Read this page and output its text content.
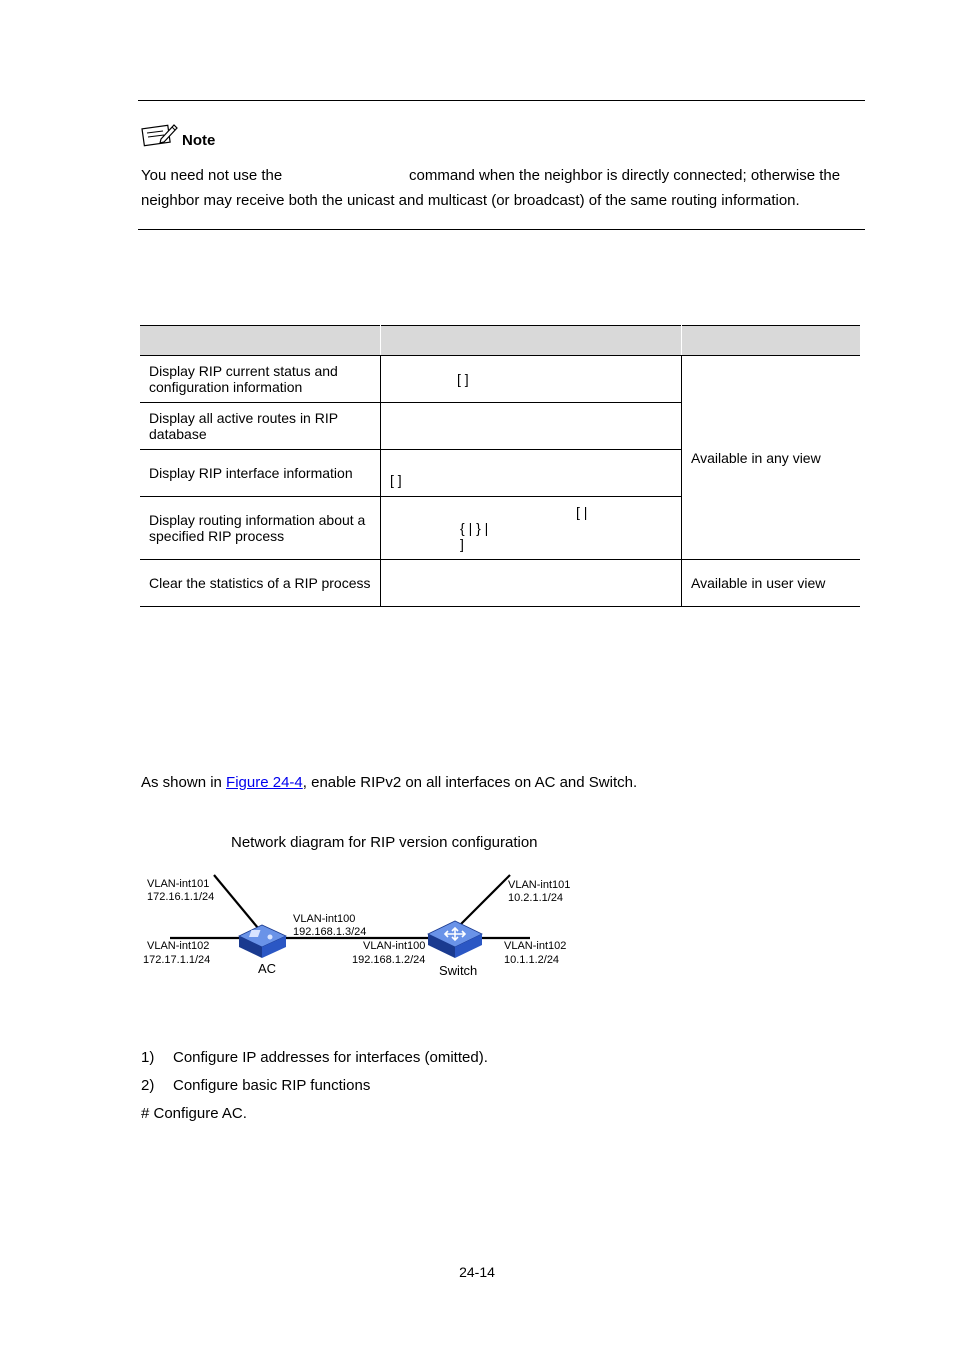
Note
You need not use the	command when the neighbor is directly connected; otherwise the
neighbor may receive both the unicast and multicast (or broadcast) of the same routing information.

Display RIP current status and configuration information	[ ]	Available in any view
Display all active routes in RIP database		
Display RIP interface information	[ ]	
Display routing information about a specified RIP process	[ |
{ | } |
]	

Clear the statistics of a RIP process		Available in user view
As shown in Figure 24-4, enable RIPv2 on all interfaces on AC and Switch.
Network diagram for RIP version configuration
VLAN-int101
172.16.1.1/24
VLAN-int102
172.17.1.1/24
VLAN-int100
192.168.1.3/24
AC
VLAN-int101
10.2.1.1/24
VLAN-int100
192.168.1.2/24
VLAN-int102
10.1.1.2/24
Switch
1) Configure IP addresses for interfaces (omitted).
2) Configure basic RIP functions
# Configure AC.
24-14
